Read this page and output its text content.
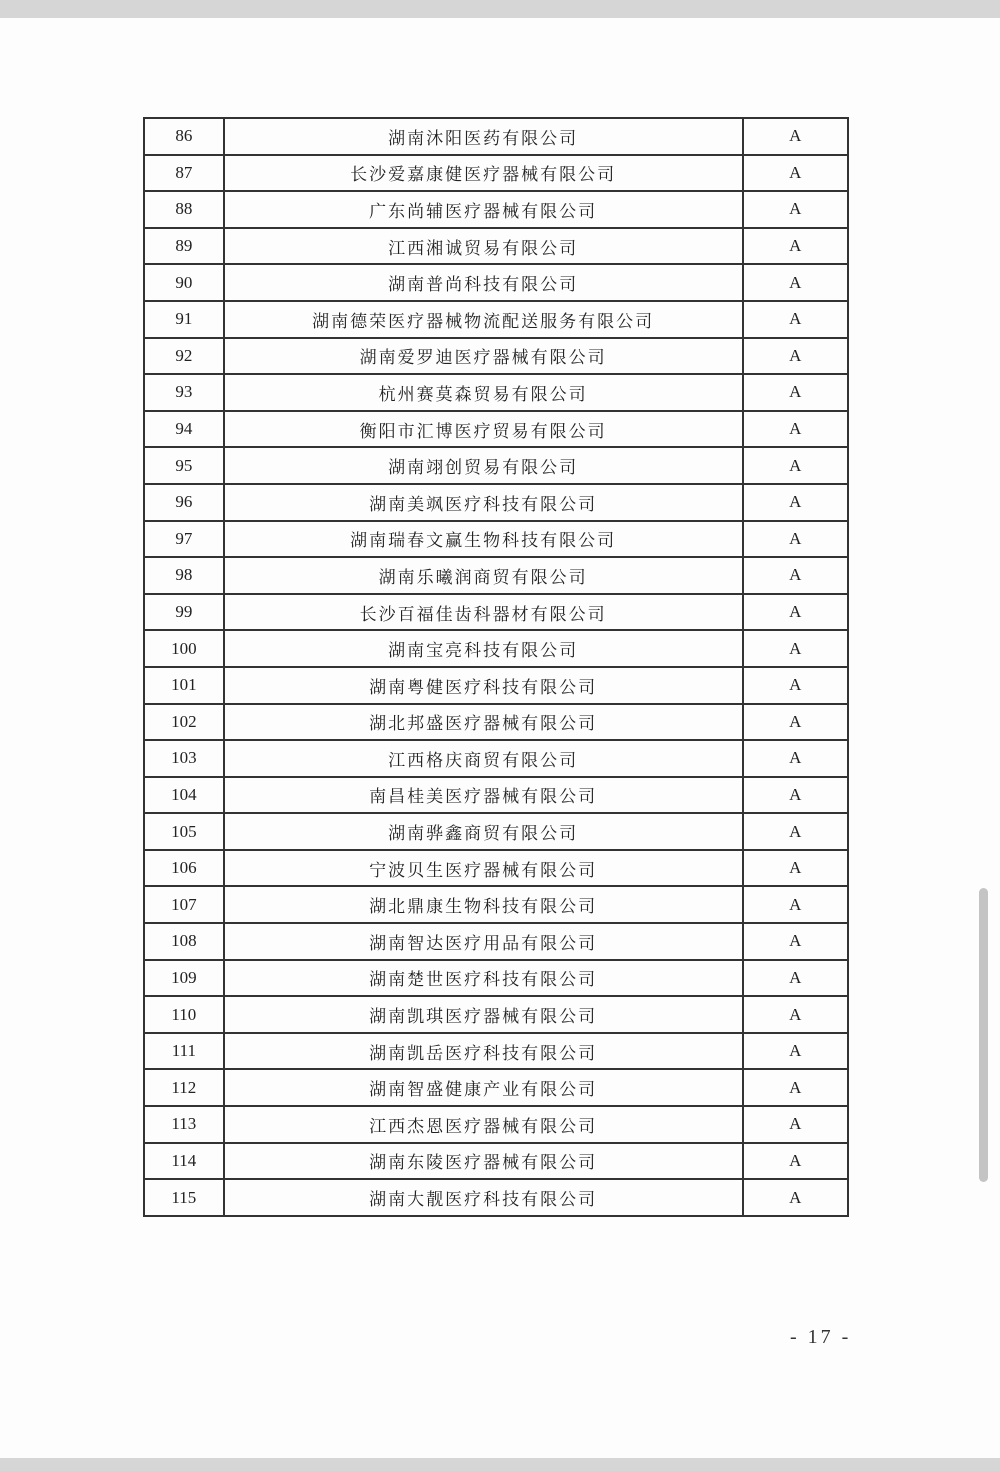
86	湖南沐阳医药有限公司	A
87	长沙爱嘉康健医疗器械有限公司	A
88	广东尚辅医疗器械有限公司	A
89	江西湘诚贸易有限公司	A
90	湖南普尚科技有限公司	A
91	湖南德荣医疗器械物流配送服务有限公司	A
92	湖南爱罗迪医疗器械有限公司	A
93	杭州赛莫森贸易有限公司	A
94	衡阳市汇博医疗贸易有限公司	A
95	湖南翊创贸易有限公司	A
96	湖南美飒医疗科技有限公司	A
97	湖南瑞春文赢生物科技有限公司	A
98	湖南乐曦润商贸有限公司	A
99	长沙百福佳齿科器材有限公司	A
100	湖南宝亮科技有限公司	A
101	湖南粤健医疗科技有限公司	A
102	湖北邦盛医疗器械有限公司	A
103	江西格庆商贸有限公司	A
104	南昌桂美医疗器械有限公司	A
105	湖南骅鑫商贸有限公司	A
106	宁波贝生医疗器械有限公司	A
107	湖北鼎康生物科技有限公司	A
108	湖南智达医疗用品有限公司	A
109	湖南楚世医疗科技有限公司	A
110	湖南凯琪医疗器械有限公司	A
111	湖南凯岳医疗科技有限公司	A
112	湖南智盛健康产业有限公司	A
113	江西杰恩医疗器械有限公司	A
114	湖南东陵医疗器械有限公司	A
115	湖南大靓医疗科技有限公司	A
- 17 -
